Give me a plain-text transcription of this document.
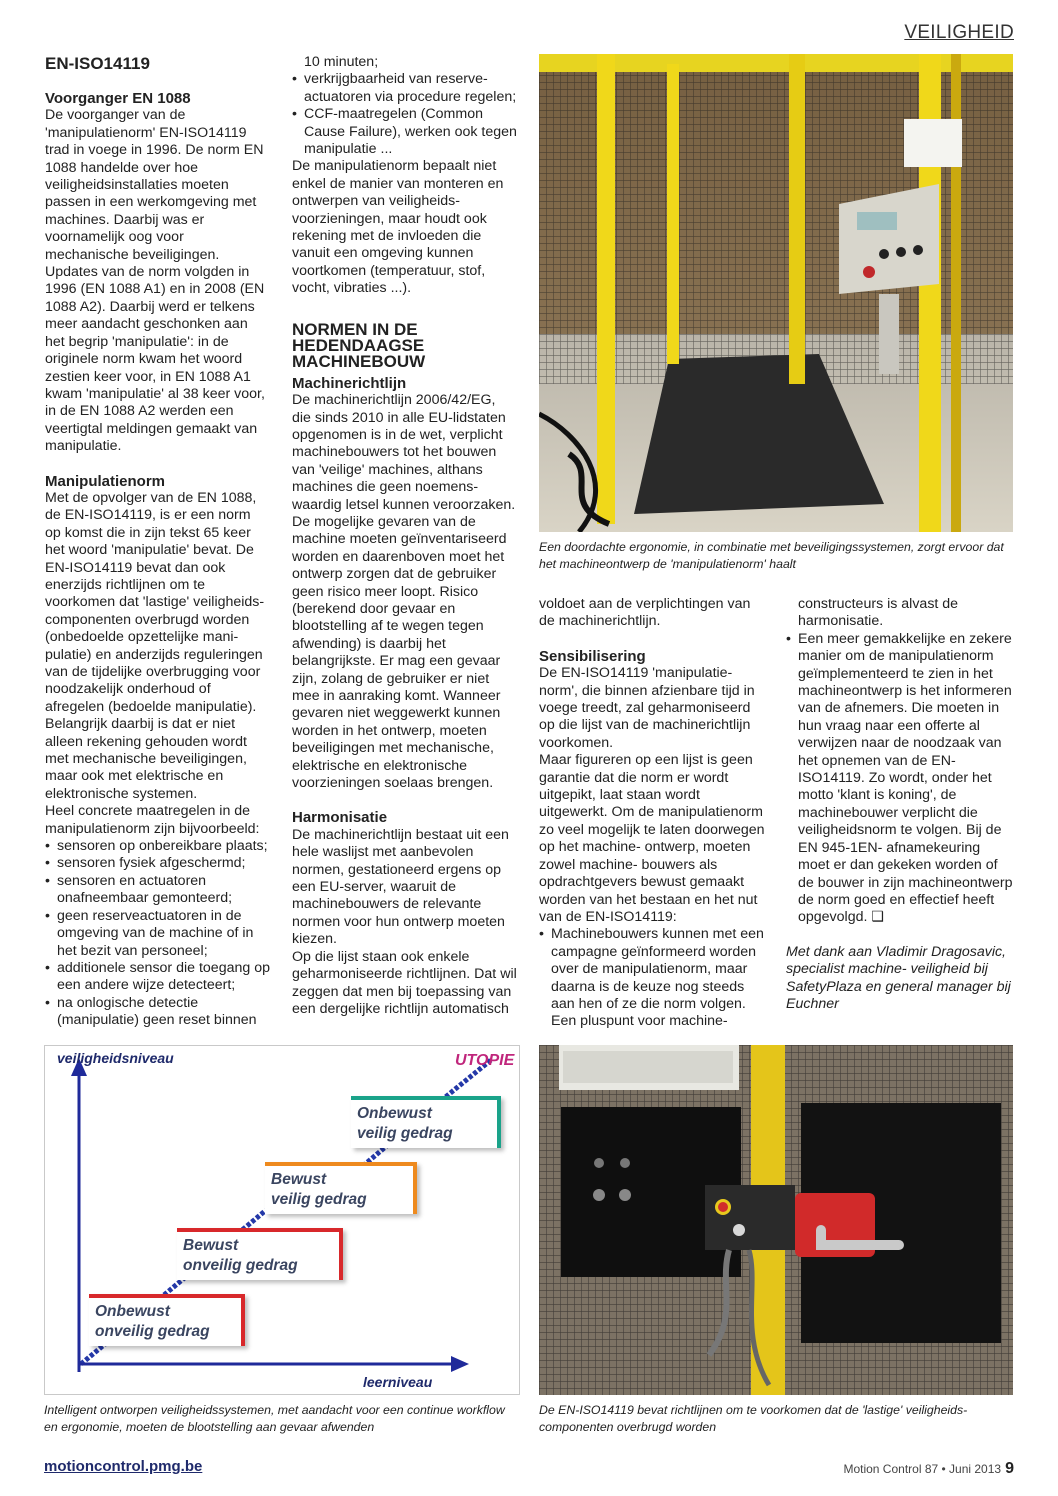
VEILIGHEID
EN-ISO14119
Voorganger EN 1088

De voorganger van de 'manipulatienorm' EN-ISO14119 trad in voege in 1996. De norm EN 1088 handelde over hoe veiligheidsinstallaties moeten passen in een werkomgeving met machines. Daarbij was er voornamelijk oog voor mechanische beveiligingen. Updates van de norm volgden in 1996 (EN 1088 A1) en in 2008 (EN 1088 A2). Daarbij werd er telkens meer aandacht geschonken aan het begrip 'manipulatie': in de originele norm kwam het woord zestien keer voor, in EN 1088 A1 kwam 'manipulatie' al 38 keer voor, in de EN 1088 A2 werden een veertigtal meldingen gemaakt van manipulatie.

Manipulatienorm

Met de opvolger van de EN 1088, de EN-ISO14119, is er een norm op komst die in zijn tekst 65 keer het woord 'manipulatie' bevat. De EN-ISO14119 bevat dan ook enerzijds richtlijnen om te voorkomen dat 'lastige' veiligheids- componenten overbrugd worden (onbedoelde opzettelijke mani- pulatie) en anderzijds reguleringen van de tijdelijke overbrugging voor noodzakelijk onderhoud of afregelen (bedoelde manipulatie). Belangrijk daarbij is dat er niet alleen rekening gehouden wordt met mechanische beveiligingen, maar ook met elektrische en elektronische systemen.

Heel concrete maatregelen in de manipulatienorm zijn bijvoorbeeld:

• sensoren op onbereikbare plaats;
• sensoren fysiek afgeschermd;
• sensoren en actuatoren onafneembaar gemonteerd;
• geen reserveactuatoren in de omgeving van de machine of in het bezit van personeel;
• additionele sensor die toegang op een andere wijze detecteert;
• na onlogische detectie (manipulatie) geen reset binnen

10 minuten;

• verkrijgbaarheid van reserve- actuatoren via procedure regelen;
• CCF-maatregelen (Common Cause Failure), werken ook tegen manipulatie ...

De manipulatienorm bepaalt niet enkel de manier van monteren en ontwerpen van veiligheids- voorzieningen, maar houdt ook rekening met de invloeden die vanuit een omgeving kunnen voortkomen (temperatuur, stof, vocht, vibraties ...).

NORMEN IN DE HEDENDAAGSE MACHINEBOUW
Machinerichtlijn

De machinerichtlijn 2006/42/EG, die sinds 2010 in alle EU-lidstaten opgenomen is in de wet, verplicht machinebouwers tot het bouwen van 'veilige' machines, althans machines die geen noemens- waardig letsel kunnen veroorzaken. De mogelijke gevaren van de machine moeten geïnventariseerd worden en daarenboven moet het ontwerp zorgen dat de gebruiker geen risico meer loopt. Risico (berekend door gevaar en blootstelling af te wegen tegen afwending) is daarbij het belangrijkste. Er mag een gevaar zijn, zolang de gebruiker er niet mee in aanraking komt. Wanneer gevaren niet weggewerkt kunnen worden in het ontwerp, moeten beveiligingen met mechanische, elektrische en elektronische voorzieningen soelaas brengen.

Harmonisatie

De machinerichtlijn bestaat uit een hele waslijst met aanbevolen normen, gestationeerd ergens op een EU-server, waaruit de machinebouwers de relevante normen voor hun ontwerp moeten kiezen.

Op die lijst staan ook enkele geharmoniseerde richtlijnen. Dat wil zeggen dat men bij toepassing van een dergelijke richtlijn automatisch

Een doordachte ergonomie, in combinatie met beveiligingssystemen, zorgt ervoor dat het machineontwerp de 'manipulatienorm' haalt

voldoet aan de verplichtingen van de machinerichtlijn.

Sensibilisering

De EN-ISO14119 'manipulatie- norm', die binnen afzienbare tijd in voege treedt, zal geharmoniseerd op die lijst van de machinerichtlijn voorkomen.

Maar figureren op een lijst is geen garantie dat die norm er wordt uitgepikt, laat staan wordt uitgewerkt. Om de manipulatienorm zo veel mogelijk te laten doorwegen op het machine- ontwerp, moeten zowel machine- bouwers als opdrachtgevers bewust gemaakt worden van het bestaan en het nut van de EN-ISO14119:

• Machinebouwers kunnen met een campagne geïnformeerd worden over de manipulatienorm, maar daarna is de keuze nog steeds aan hen of ze die norm volgen. Een pluspunt voor machine-

constructeurs is alvast de harmonisatie.

• Een meer gemakkelijke en zekere manier om de manipulatienorm geïmplementeerd te zien in het machineontwerp is het informeren van de afnemers. Die moeten in hun vraag naar een offerte al verwijzen naar de noodzaak van het opnemen van de EN-ISO14119. Zo wordt, onder het motto 'klant is koning', de machinebouwer verplicht die veiligheidsnorm te volgen. Bij de EN 945-1EN- afnamekeuring moet er dan gekeken worden of de bouwer in zijn machineontwerp de norm goed en effectief heeft opgevolgd. ❑

Met dank aan Vladimir Dragosavic, specialist machine- veiligheid bij SafetyPlaza en general manager bij Euchner

veiligheidsniveau
leerniveau
UTOPIE
Onbewust
onveilig gedrag
Bewust
onveilig gedrag
Bewust
veilig gedrag
Onbewust
veilig gedrag
Intelligent ontworpen veiligheidssystemen, met aandacht voor een continue workflow en ergonomie, moeten de blootstelling aan gevaar afwenden
De EN-ISO14119 bevat richtlijnen om te voorkomen dat de 'lastige' veiligheids- componenten overbrugd worden
motioncontrol.pmg.be	Motion Control 87 • Juni 2013 9
